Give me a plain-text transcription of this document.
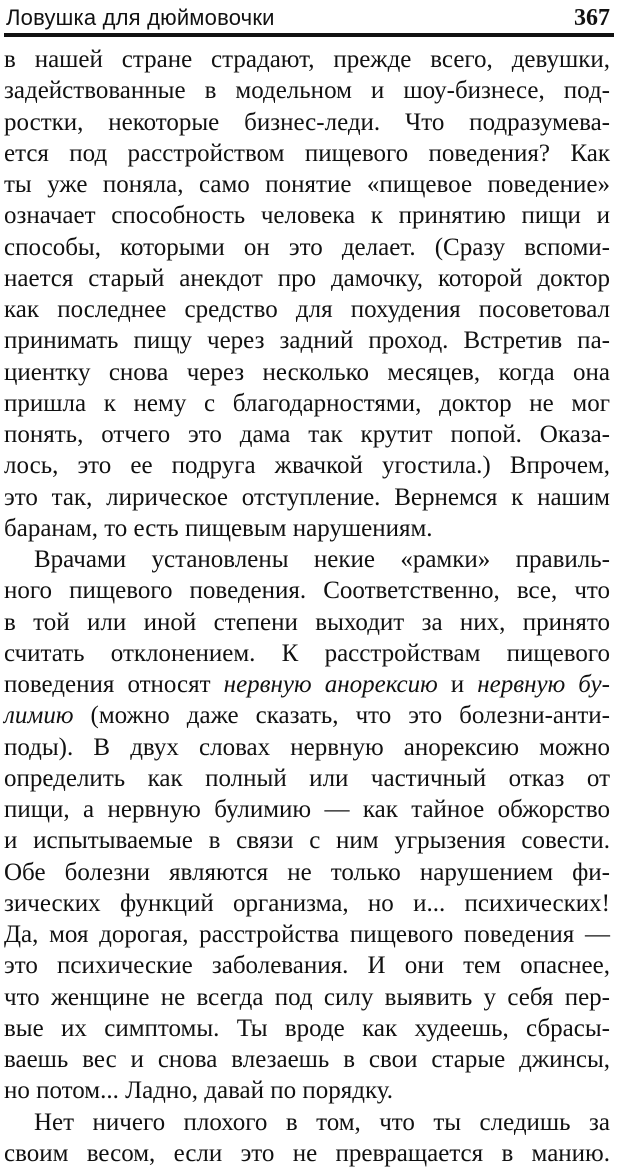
Ловушка для дюймовочки	367
в нашей стране страдают, прежде всего, девушки,
задействованные в модельном и шоу-бизнесе, под-
ростки, некоторые бизнес-леди. Что подразумева-
ется под расстройством пищевого поведения? Как
ты уже поняла, само понятие «пищевое поведение»
означает способность человека к принятию пищи и
способы, которыми он это делает. (Сразу вспоми-
нается старый анекдот про дамочку, которой доктор
как последнее средство для похудения посоветовал
принимать пищу через задний проход. Встретив па-
циентку снова через несколько месяцев, когда она
пришла к нему с благодарностями, доктор не мог
понять, отчего это дама так крутит попой. Оказа-
лось, это ее подруга жвачкой угостила.) Впрочем,
это так, лирическое отступление. Вернемся к нашим
баранам, то есть пищевым нарушениям.
Врачами установлены некие «рамки» правиль-
ного пищевого поведения. Соответственно, все, что
в той или иной степени выходит за них, принято
считать отклонением. К расстройствам пищевого
поведения относят нервную анорексию и нервную бу-
лимию (можно даже сказать, что это болезни-анти-
поды). В двух словах нервную анорексию можно
определить как полный или частичный отказ от
пищи, а нервную булимию — как тайное обжорство
и испытываемые в связи с ним угрызения совести.
Обе болезни являются не только нарушением фи-
зических функций организма, но и... психических!
Да, моя дорогая, расстройства пищевого поведения —
это психические заболевания. И они тем опаснее,
что женщине не всегда под силу выявить у себя пер-
вые их симптомы. Ты вроде как худеешь, сбрасы-
ваешь вес и снова влезаешь в свои старые джинсы,
но потом... Ладно, давай по порядку.
Нет ничего плохого в том, что ты следишь за
своим весом, если это не превращается в манию.
